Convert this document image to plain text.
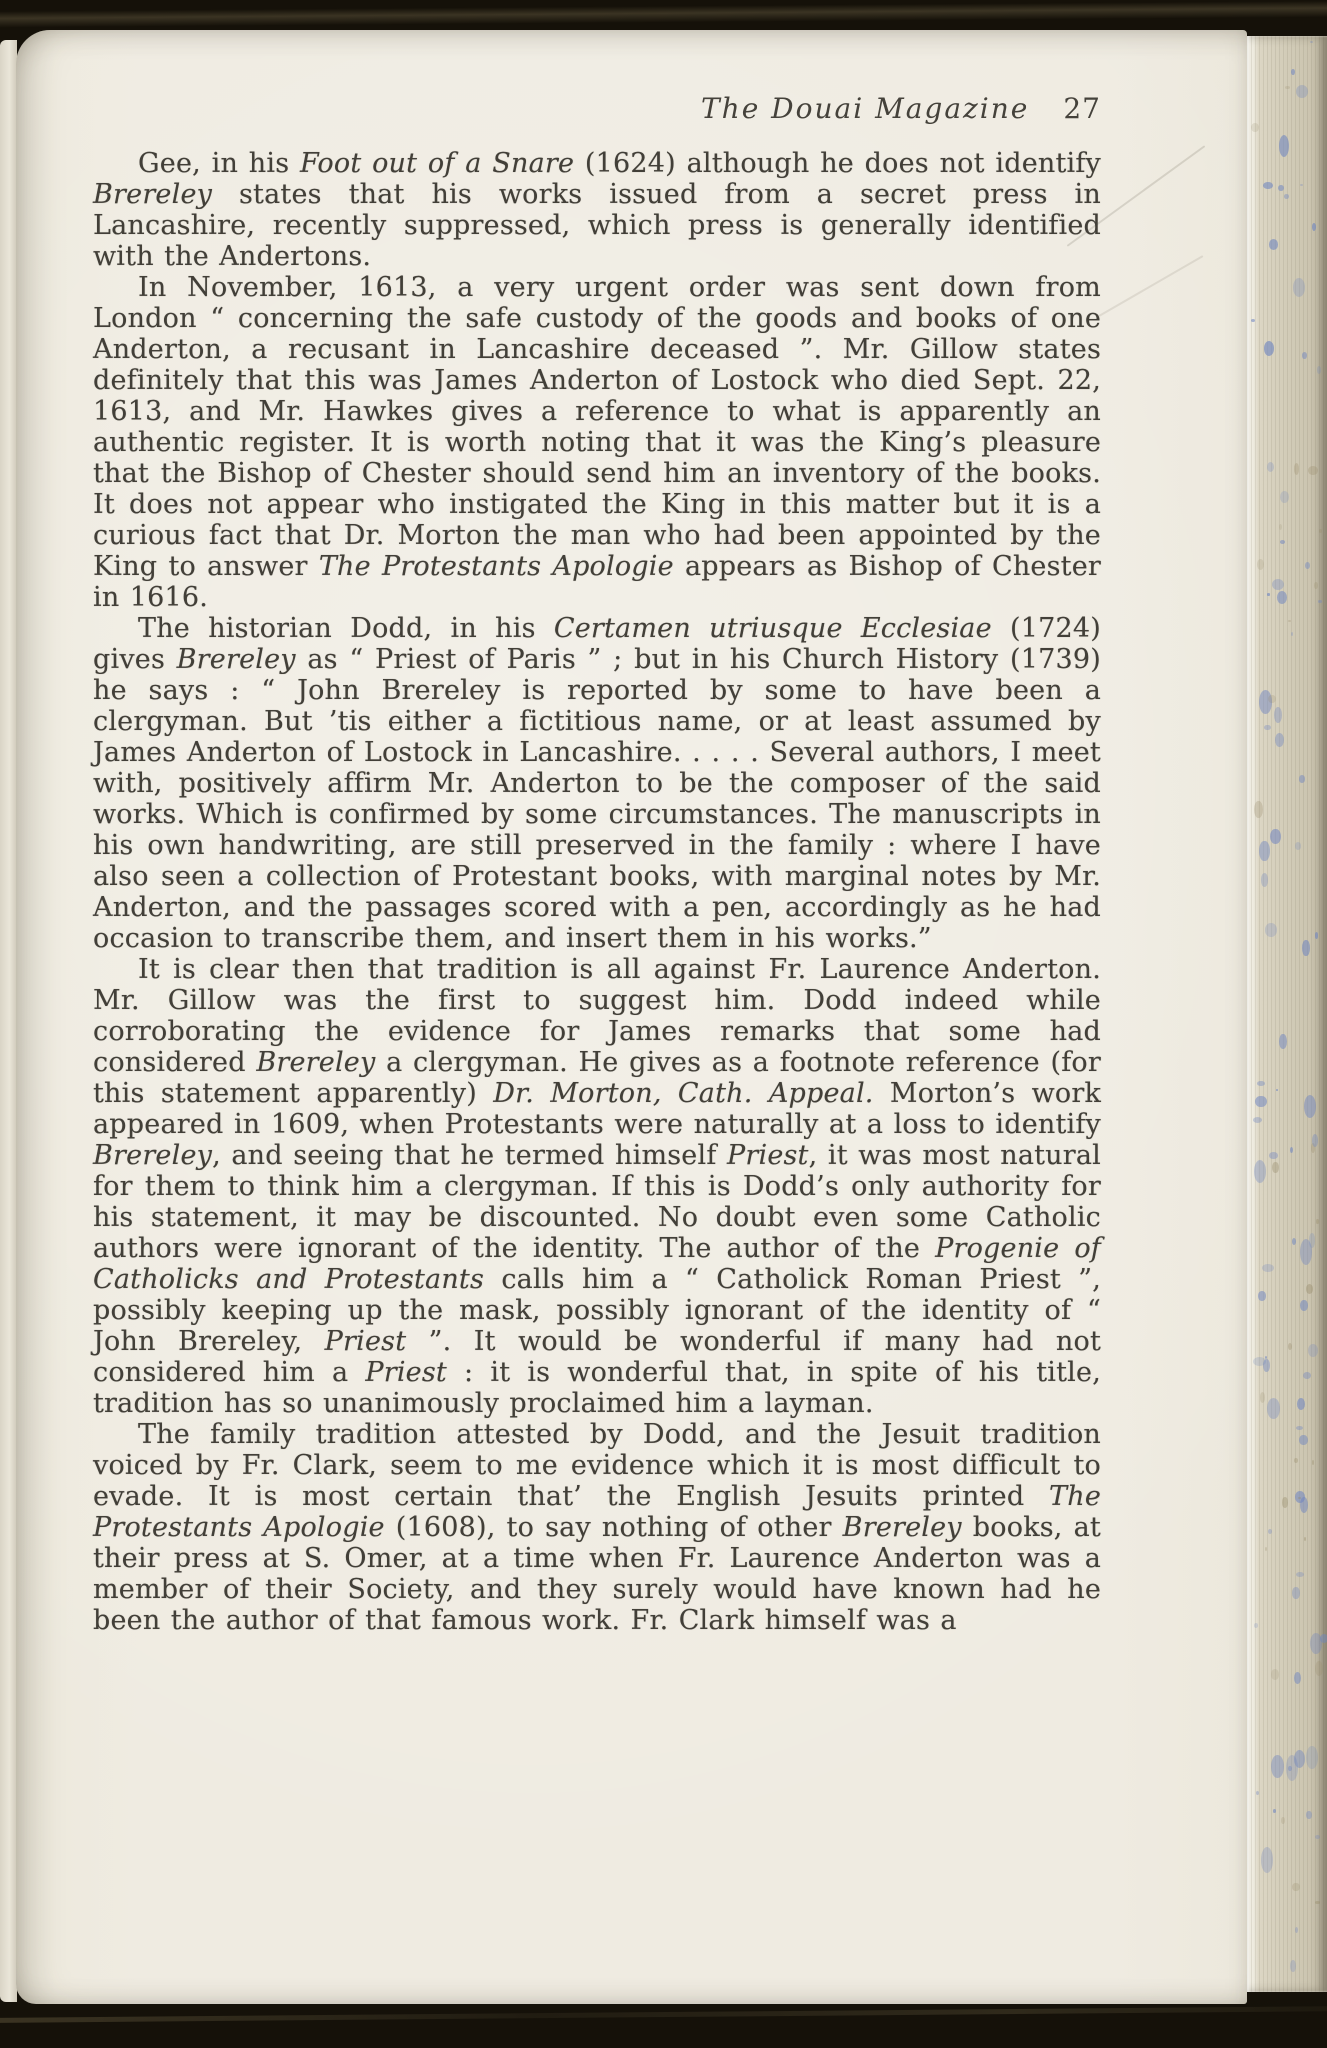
The Douai Magazine 27

Gee, in his Foot out of a Snare (1624) although he does not identify Brereley states that his works issued from a secret press in Lancashire, recently suppressed, which press is generally identified with the Andertons.

In November, 1613, a very urgent order was sent down from London “ concerning the safe custody of the goods and books of one Anderton, a recusant in Lancashire deceased ”. Mr. Gillow states definitely that this was James Anderton of Lostock who died Sept. 22, 1613, and Mr. Hawkes gives a reference to what is apparently an authentic register. It is worth noting that it was the King’s pleasure that the Bishop of Chester should send him an inventory of the books. It does not appear who instigated the King in this matter but it is a curious fact that Dr. Morton the man who had been appointed by the King to answer The Protestants Apologie appears as Bishop of Chester in 1616.

The historian Dodd, in his Certamen utriusque Ecclesiae (1724) gives Brereley as “ Priest of Paris ” ; but in his Church History (1739) he says : “ John Brereley is reported by some to have been a clergyman. But ’tis either a fictitious name, or at least assumed by James Anderton of Lostock in Lancashire. . . . . Several authors, I meet with, positively affirm Mr. Anderton to be the composer of the said works. Which is confirmed by some circumstances. The manuscripts in his own handwriting, are still preserved in the family : where I have also seen a collection of Protestant books, with marginal notes by Mr. Anderton, and the passages scored with a pen, accordingly as he had occasion to transcribe them, and insert them in his works.”

It is clear then that tradition is all against Fr. Laurence Anderton. Mr. Gillow was the first to suggest him. Dodd indeed while corroborating the evidence for James remarks that some had considered Brereley a clergyman. He gives as a footnote reference (for this statement apparently) Dr. Morton, Cath. Appeal. Morton’s work appeared in 1609, when Protestants were naturally at a loss to identify Brereley, and seeing that he termed himself Priest, it was most natural for them to think him a clergyman. If this is Dodd’s only authority for his statement, it may be discounted. No doubt even some Catholic authors were ignorant of the identity. The author of the Progenie of Catholicks and Protestants calls him a “ Catholick Roman Priest ”, possibly keeping up the mask, possibly ignorant of the identity of “ John Brereley, Priest ”. It would be wonderful if many had not considered him a Priest : it is wonderful that, in spite of his title, tradition has so unanimously proclaimed him a layman.

The family tradition attested by Dodd, and the Jesuit tradition voiced by Fr. Clark, seem to me evidence which it is most difficult to evade. It is most certain that’ the English Jesuits printed The Protestants Apologie (1608), to say nothing of other Brereley books, at their press at S. Omer, at a time when Fr. Laurence Anderton was a member of their Society, and they surely would have known had he been the author of that famous work. Fr. Clark himself was a
